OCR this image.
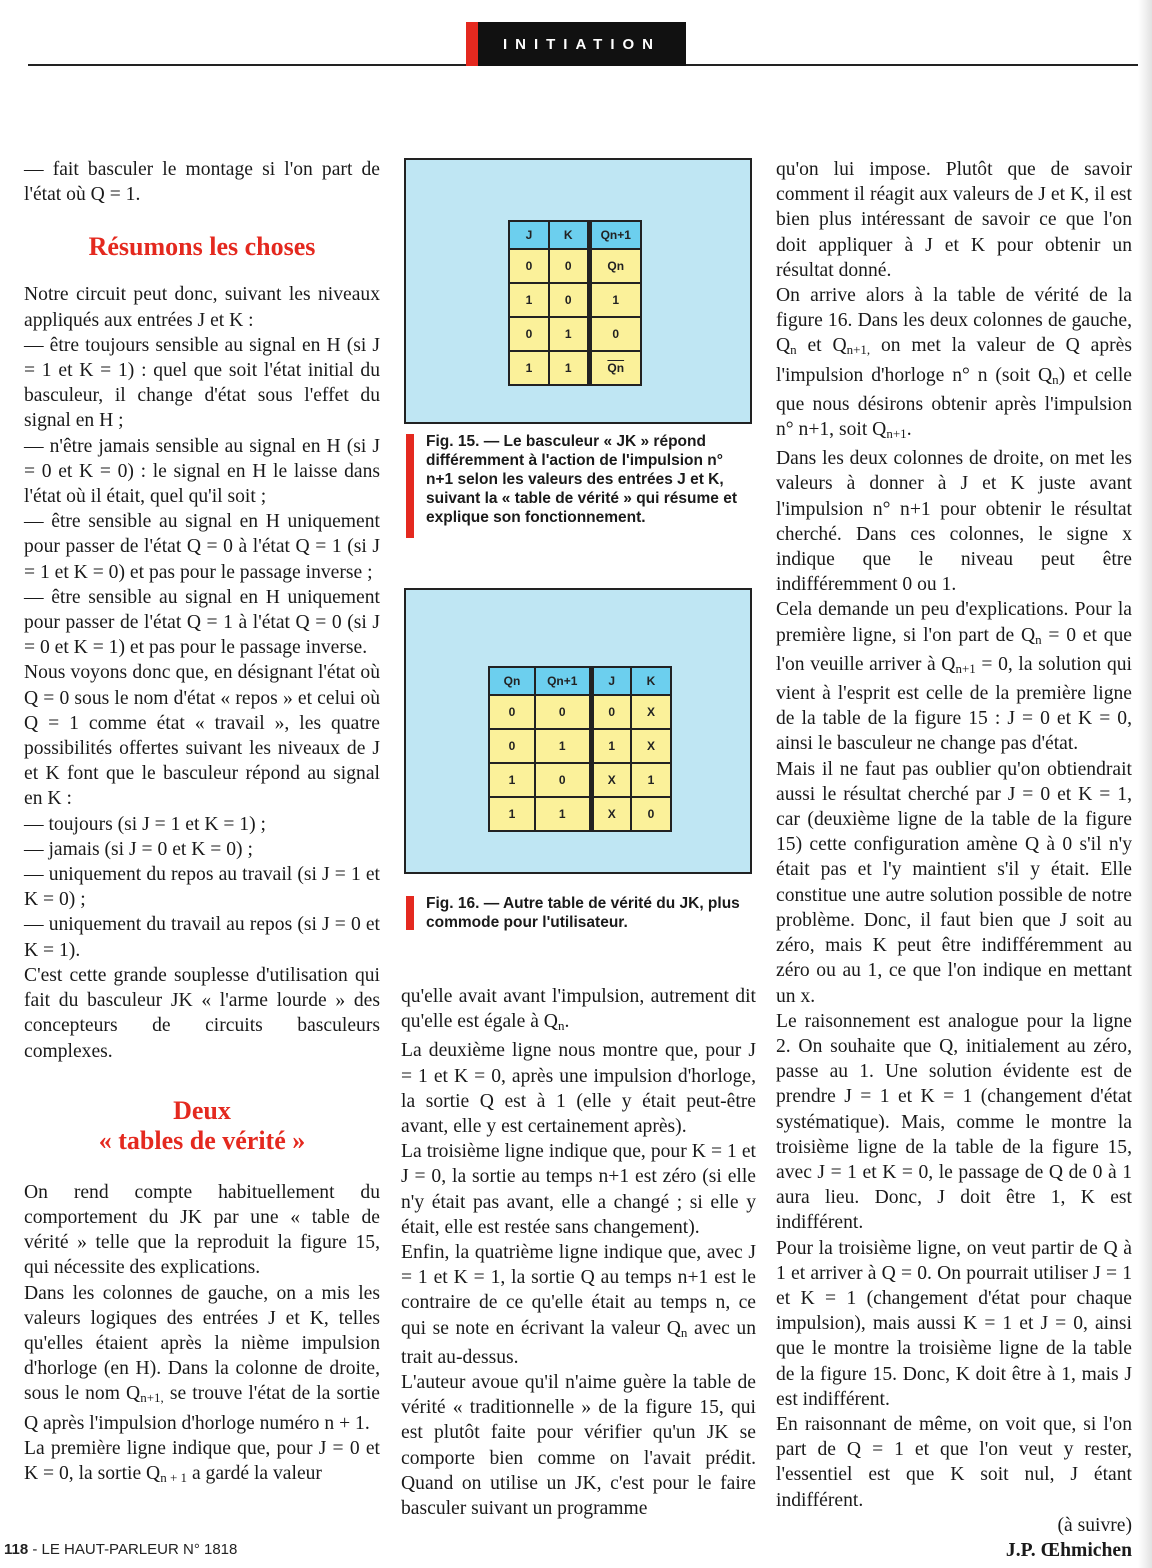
INITIATION

— fait basculer le montage si l'on part de l'état où Q = 1.

Résumons les choses

Notre circuit peut donc, suivant les niveaux appliqués aux entrées J et K :

— être toujours sensible au signal en H (si J = 1 et K = 1) : quel que soit l'état initial du basculeur, il change d'état sous l'effet du signal en H ;

— n'être jamais sensible au signal en H (si J = 0 et K = 0) : le signal en H le laisse dans l'état où il était, quel qu'il soit ;

— être sensible au signal en H uniquement pour passer de l'état Q = 0 à l'état Q = 1 (si J = 1 et K = 0) et pas pour le passage inverse ;

— être sensible au signal en H uniquement pour passer de l'état Q = 1 à l'état Q = 0 (si J = 0 et K = 1) et pas pour le passage inverse.

Nous voyons donc que, en désignant l'état où Q = 0 sous le nom d'état « repos » et celui où Q = 1 comme état « travail », les quatre possibilités offertes suivant les niveaux de J et K font que le basculeur répond au signal en K :

— toujours (si J = 1 et K = 1) ;

— jamais (si J = 0 et K = 0) ;

— uniquement du repos au travail (si J = 1 et K = 0) ;

— uniquement du travail au repos (si J = 0 et K = 1).

C'est cette grande souplesse d'utilisation qui fait du basculeur JK « l'arme lourde » des concepteurs de circuits basculeurs complexes.

Deux
« tables de vérité »

On rend compte habituellement du comportement du JK par une « table de vérité » telle que la reproduit la figure 15, qui nécessite des explications.

Dans les colonnes de gauche, on a mis les valeurs logiques des entrées J et K, telles qu'elles étaient après la nième impulsion d'horloge (en H). Dans la colonne de droite, sous le nom $Q_{n+1,}$ se trouve l'état de la sortie Q après l'impulsion d'horloge numéro n + 1.

La première ligne indique que, pour J = 0 et K = 0, la sortie $Q_{n + 1}$ a gardé la valeur

J	K	Qn+1
0	0	Qn
1	0	1
0	1	0
1	1	$\overline{Qn}$
Fig. 15. — Le basculeur « JK » répond différemment à l'action de l'impulsion n° n+1 selon les valeurs des entrées J et K, suivant la « table de vérité » qui résume et explique son fonctionnement.
Qn	Qn+1	J	K
0	0	0	X
0	1	1	X
1	0	X	1
1	1	X	0
Fig. 16. — Autre table de vérité du JK, plus commode pour l'utilisateur.

qu'elle avait avant l'impulsion, autrement dit qu'elle est égale à $Q_n$.

La deuxième ligne nous montre que, pour J = 1 et K = 0, après une impulsion d'horloge, la sortie Q est à 1 (elle y était peut-être avant, elle y est certainement après).

La troisième ligne indique que, pour K = 1 et J = 0, la sortie au temps n+1 est zéro (si elle n'y était pas avant, elle a changé ; si elle y était, elle est restée sans changement).

Enfin, la quatrième ligne indique que, avec J = 1 et K = 1, la sortie Q au temps n+1 est le contraire de ce qu'elle était au temps n, ce qui se note en écrivant la valeur $Q_n$ avec un trait au-dessus.

L'auteur avoue qu'il n'aime guère la table de vérité « traditionnelle » de la figure 15, qui est plutôt faite pour vérifier qu'un JK se comporte bien comme on l'avait prédit. Quand on utilise un JK, c'est pour le faire basculer suivant un programme

qu'on lui impose. Plutôt que de savoir comment il réagit aux valeurs de J et K, il est bien plus intéressant de savoir ce que l'on doit appliquer à J et K pour obtenir un résultat donné.

On arrive alors à la table de vérité de la figure 16. Dans les deux colonnes de gauche, $Q_n$ et $Q_{n+1,}$ on met la valeur de Q après l'impulsion d'horloge n° n (soit $Q_n$) et celle que nous désirons obtenir après l'impulsion n° n+1, soit $Q_{n+1}$.

Dans les deux colonnes de droite, on met les valeurs à donner à J et K juste avant l'impulsion n° n+1 pour obtenir le résultat cherché. Dans ces colonnes, le signe x indique que le niveau peut être indifféremment 0 ou 1.

Cela demande un peu d'explications. Pour la première ligne, si l'on part de $Q_n = 0$ et que l'on veuille arriver à $Q_{n+1} = 0$, la solution qui vient à l'esprit est celle de la première ligne de la table de la figure 15 : J = 0 et K = 0, ainsi le basculeur ne change pas d'état.

Mais il ne faut pas oublier qu'on obtiendrait aussi le résultat cherché par J = 0 et K = 1, car (deuxième ligne de la table de la figure 15) cette configuration amène Q à 0 s'il n'y était pas et l'y maintient s'il y était. Elle constitue une autre solution possible de notre problème. Donc, il faut bien que J soit au zéro, mais K peut être indifféremment au zéro ou au 1, ce que l'on indique en mettant un x.

Le raisonnement est analogue pour la ligne 2. On souhaite que Q, initialement au zéro, passe au 1. Une solution évidente est de prendre J = 1 et K = 1 (changement d'état systématique). Mais, comme le montre la troisième ligne de la table de la figure 15, avec J = 1 et K = 0, le passage de Q de 0 à 1 aura lieu. Donc, J doit être 1, K est indifférent.

Pour la troisième ligne, on veut partir de Q à 1 et arriver à Q = 0. On pourrait utiliser J = 1 et K = 1 (changement d'état pour chaque impulsion), mais aussi K = 1 et J = 0, ainsi que le montre la troisième ligne de la table de la figure 15. Donc, K doit être à 1, mais J est indifférent.

En raisonnant de même, on voit que, si l'on part de Q = 1 et que l'on veut y rester, l'essentiel est que K soit nul, J étant indifférent.

(à suivre)

J.P. Œhmichen

118 - LE HAUT-PARLEUR N° 1818
